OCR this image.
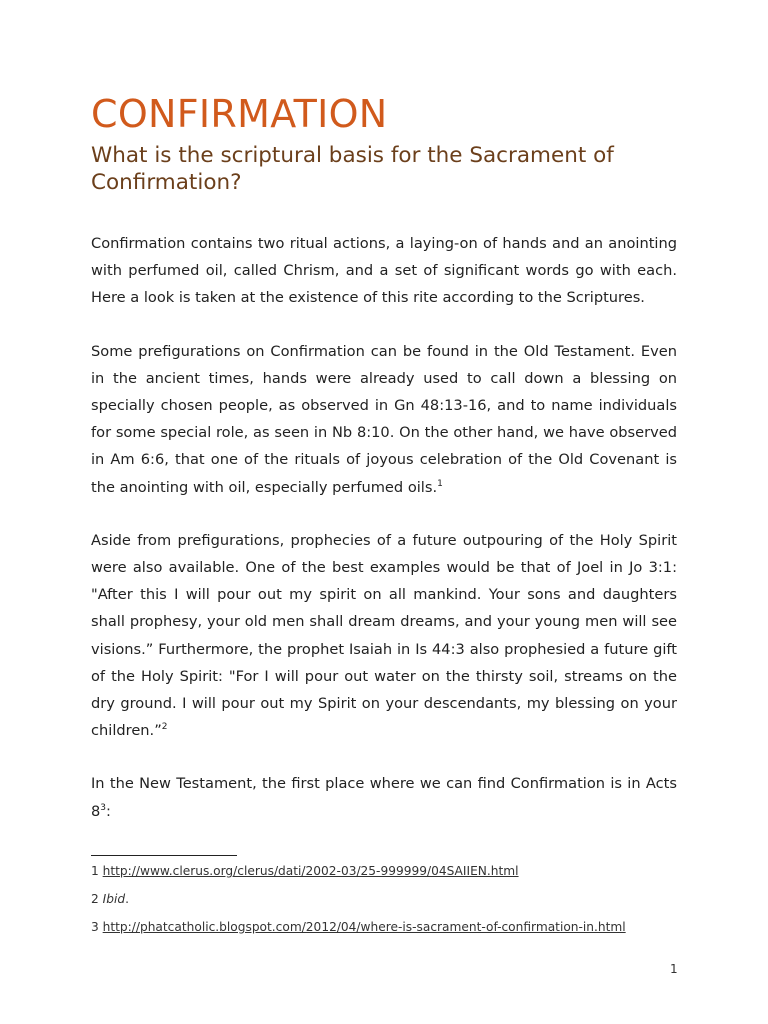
CONFIRMATION
What is the scriptural basis for the Sacrament of Confirmation?

Confirmation contains two ritual actions, a laying-on of hands and an anointing with perfumed oil, called Chrism, and a set of significant words go with each. Here a look is taken at the existence of this rite according to the Scriptures.

Some prefigurations on Confirmation can be found in the Old Testament. Even in the ancient times, hands were already used to call down a blessing on specially chosen people, as observed in Gn 48:13-16, and to name individuals for some special role, as seen in Nb 8:10. On the other hand, we have observed in Am 6:6, that one of the rituals of joyous celebration of the Old Covenant is the anointing with oil, especially perfumed oils.$^1$

Aside from prefigurations, prophecies of a future outpouring of the Holy Spirit were also available. One of the best examples would be that of Joel in Jo 3:1: "After this I will pour out my spirit on all mankind. Your sons and daughters shall prophesy, your old men shall dream dreams, and your young men will see visions.” Furthermore, the prophet Isaiah in Is 44:3 also prophesied a future gift of the Holy Spirit: "For I will pour out water on the thirsty soil, streams on the dry ground. I will pour out my Spirit on your descendants, my blessing on your children.”$^2$

In the New Testament, the first place where we can find Confirmation is in Acts $8^3$:

1 http://www.clerus.org/clerus/dati/2002-03/25-999999/04SAIIEN.html

2 Ibid.

3 http://phatcatholic.blogspot.com/2012/04/where-is-sacrament-of-confirmation-in.html

1
